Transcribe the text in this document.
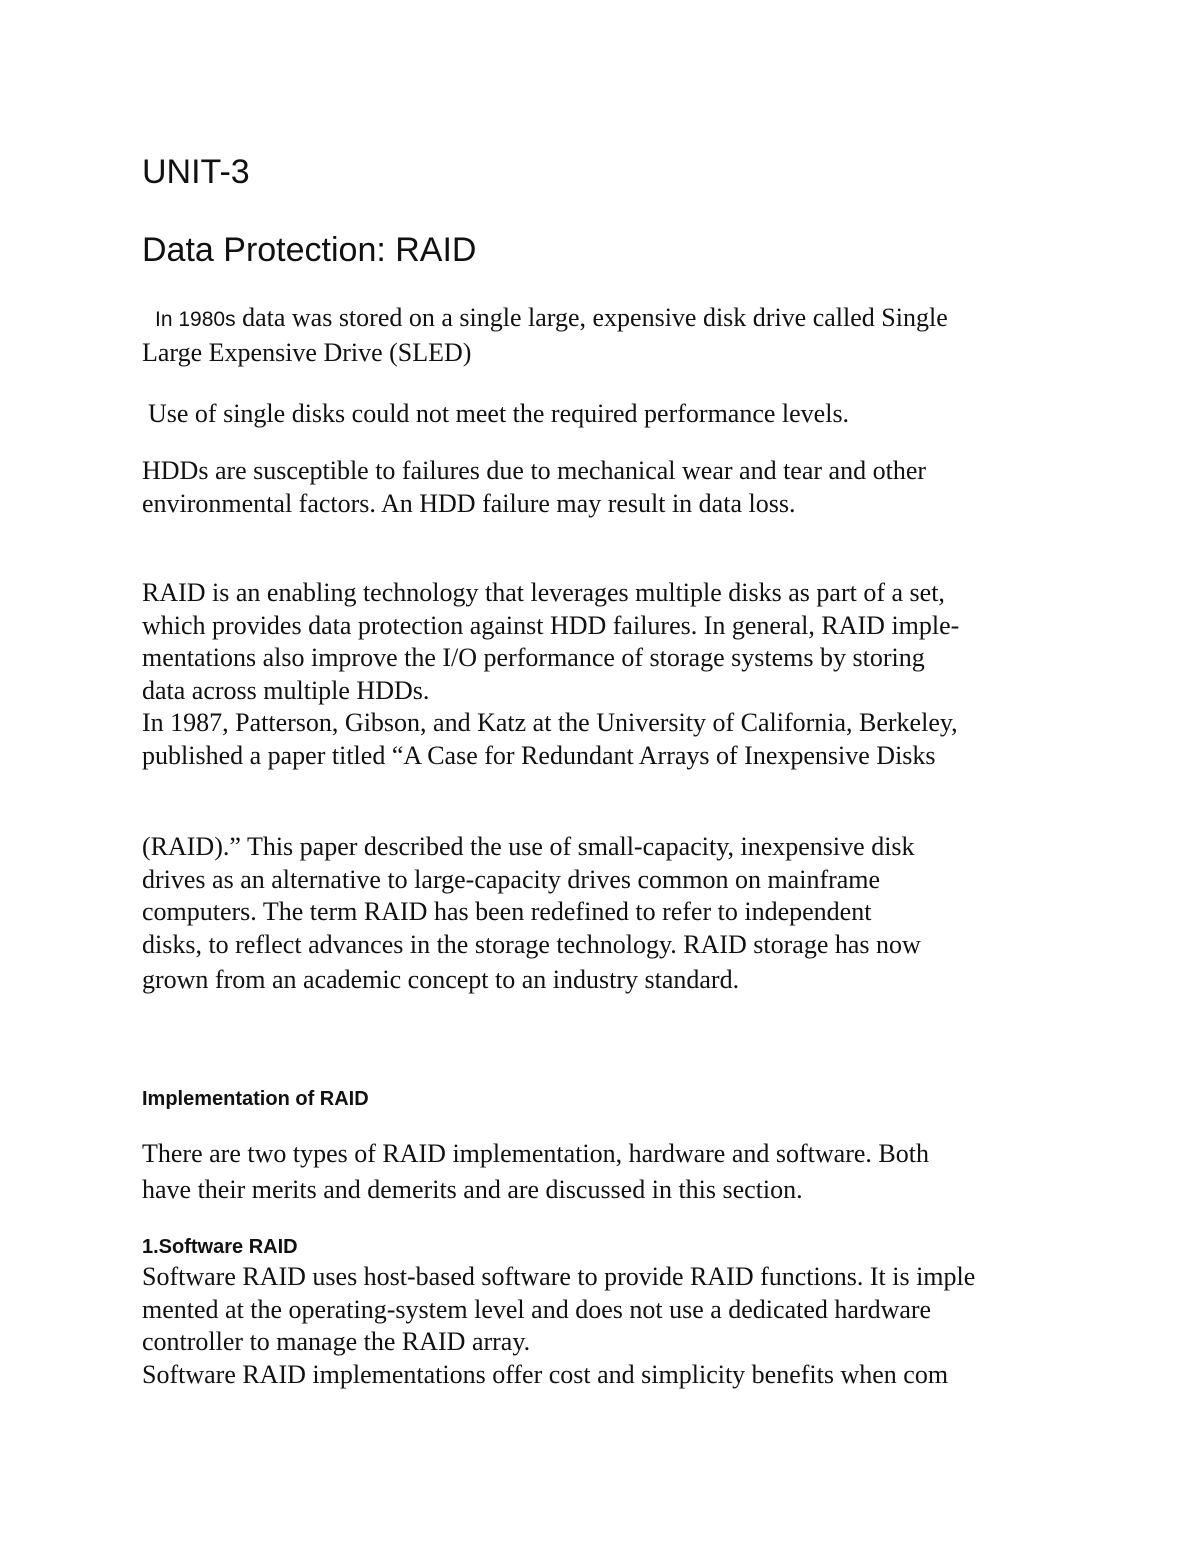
UNIT-3
Data Protection: RAID

In 1980s data was stored on a single large, expensive disk drive called Single
Large Expensive Drive (SLED)

Use of single disks could not meet the required performance levels.

HDDs are susceptible to failures due to mechanical wear and tear and other
environmental factors. An HDD failure may result in data loss.

RAID is an enabling technology that leverages multiple disks as part of a set,
which provides data protection against HDD failures. In general, RAID imple-
mentations also improve the I/O performance of storage systems by storing
data across multiple HDDs.
In 1987, Patterson, Gibson, and Katz at the University of California, Berkeley,
published a paper titled “A Case for Redundant Arrays of Inexpensive Disks

(RAID).” This paper described the use of small-capacity, inexpensive disk
drives as an alternative to large-capacity drives common on mainframe
computers. The term RAID has been redefined to refer to independent
disks, to reflect advances in the storage technology. RAID storage has now
grown from an academic concept to an industry standard.

Implementation of RAID

There are two types of RAID implementation, hardware and software. Both
have their merits and demerits and are discussed in this section.

1.Software RAID

Software RAID uses host-based software to provide RAID functions. It is imple
mented at the operating-system level and does not use a dedicated hardware
controller to manage the RAID array.
Software RAID implementations offer cost and simplicity benefits when com
